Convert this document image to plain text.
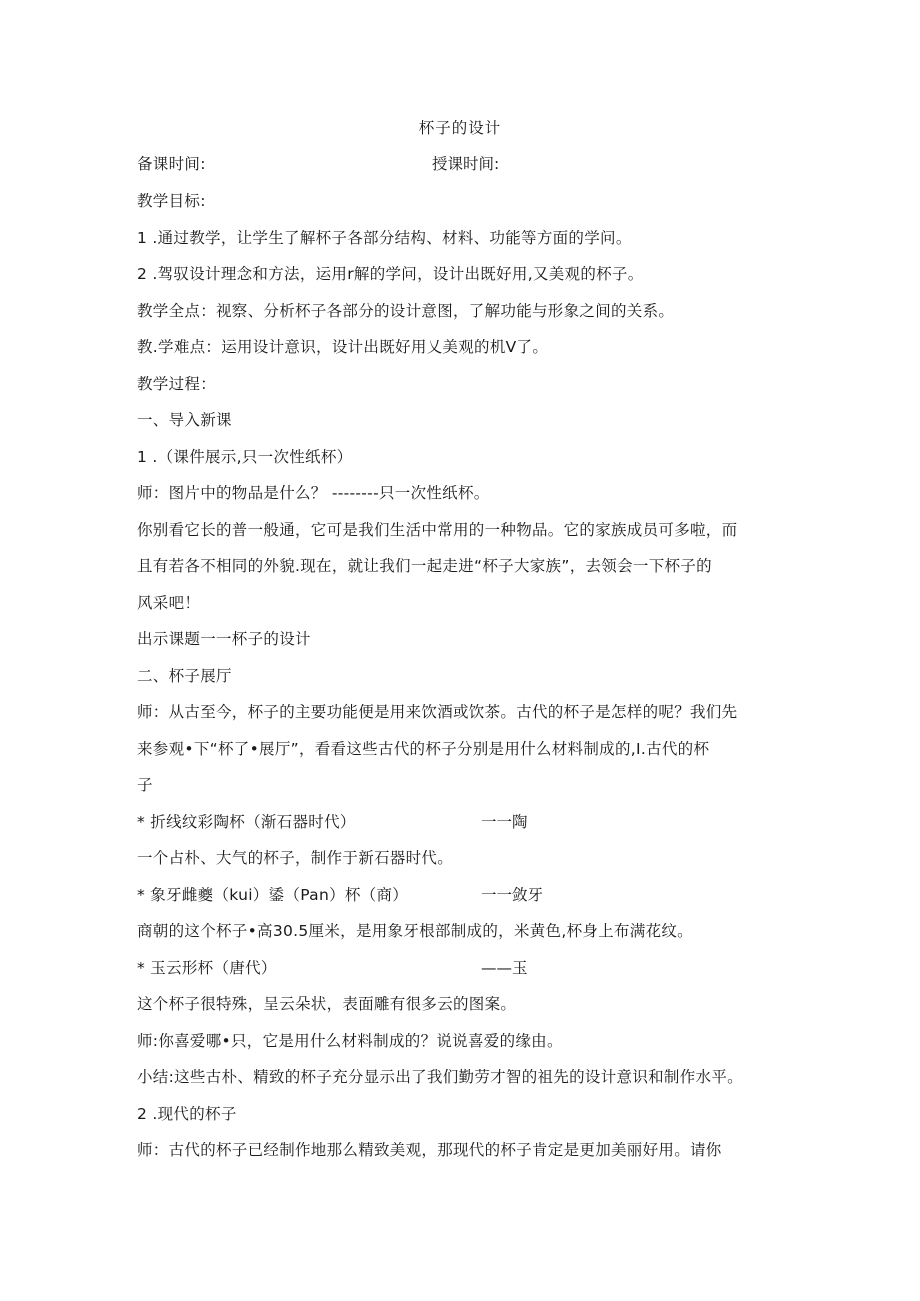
杯子的设计
备课时间:	授课时间:
教学目标:
1 .通过教学，让学生了解杯子各部分结构、材料、功能等方面的学问。
2 .驾驭设计理念和方法，运用r解的学问，设计出既好用,又美观的杯子。
教学全点：视察、分析杯子各部分的设计意图，了解功能与形象之间的关系。
教.学难点：运用设计意识，设计出既好用乂美观的机V了。
教学过程：
一、导入新课
1 .（课件展示,只一次性纸杯）
师：图片中的物品是什么？ --------只一次性纸杯。
你别看它长的普一般通，它可是我们生活中常用的一种物品。它的家族成员可多啦，而
且有若各不相同的外貌.现在，就让我们一起走进“杯子大家族”，去领会一下杯子的
风采吧！
出示课题一一杯子的设计
二、杯子展厅
师：从古至今，杯子的主要功能便是用来饮酒或饮茶。古代的杯子是怎样的呢？我们先
来参观•下“杯了•展厅”，看看这些古代的杯子分别是用什么材料制成的,I.古代的杯
子
* 折线纹彩陶杯（渐石器时代）	一一陶
一个占朴、大气的杯子，制作于新石器时代。
* 象牙雌夔（kui）鋈（Pan）杯（商）	一一敛牙
商朝的这个杯子•高30.5厘米，是用象牙根部制成的，米黄色,杯身上布满花纹。
* 玉云形杯（唐代）	——玉
这个杯子很特殊，呈云朵状，表面雕有很多云的图案。
师:你喜爱哪•只，它是用什么材料制成的？说说喜爱的缘由。
小结:这些古朴、精致的杯子充分显示出了我们勤劳才智的祖先的设计意识和制作水平。
2 .现代的杯子
师：古代的杯子已经制作地那么精致美观，那现代的杯子肯定是更加美丽好用。请你
